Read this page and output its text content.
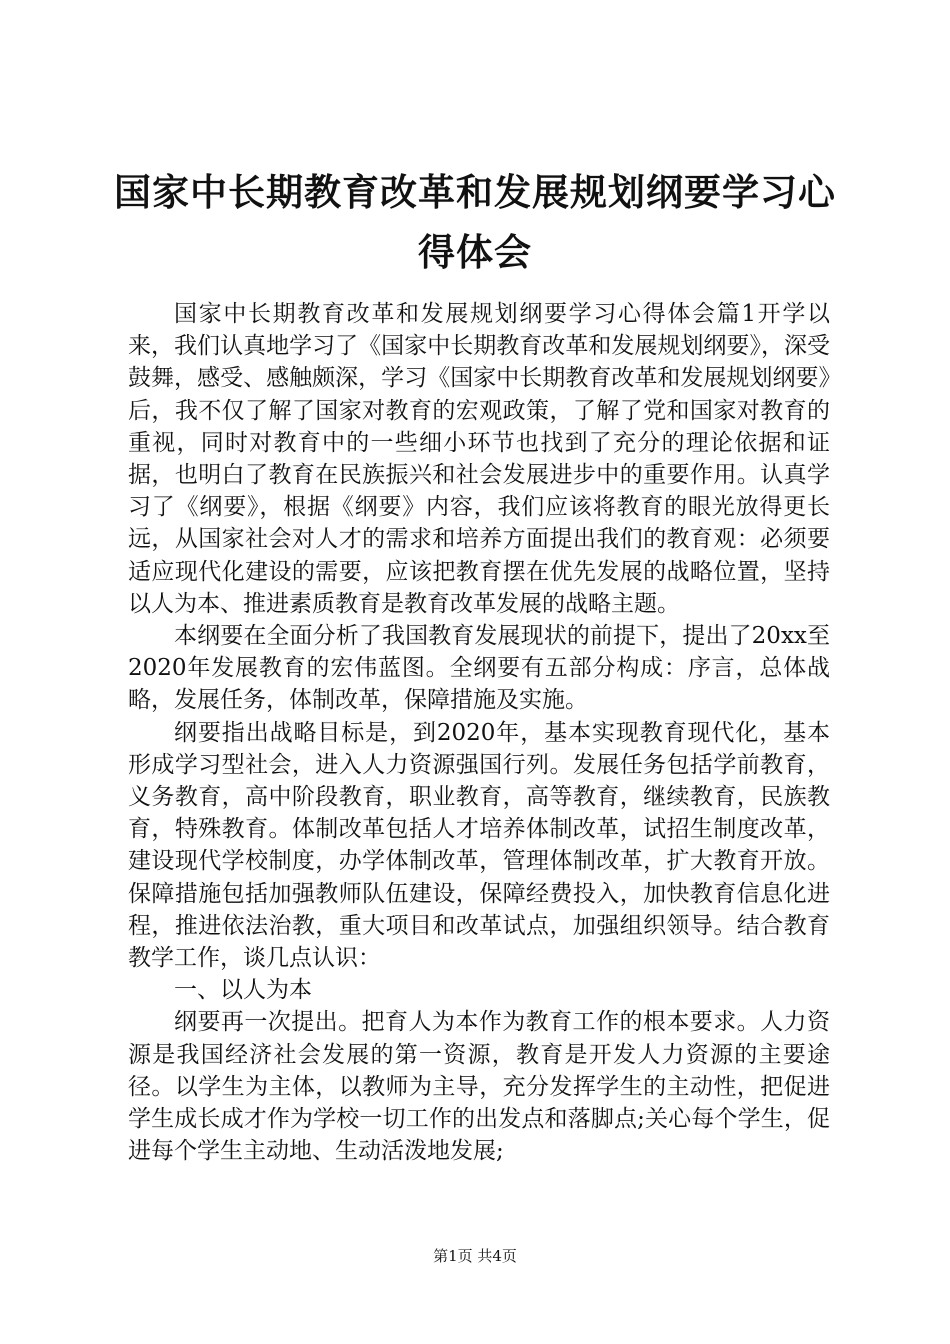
国家中长期教育改革和发展规划纲要学习心得体会

国家中长期教育改革和发展规划纲要学习心得体会篇1开学以来，我们认真地学习了《国家中长期教育改革和发展规划纲要》，深受鼓舞，感受、感触颇深，学习《国家中长期教育改革和发展规划纲要》后，我不仅了解了国家对教育的宏观政策，了解了党和国家对教育的重视，同时对教育中的一些细小环节也找到了充分的理论依据和证据，也明白了教育在民族振兴和社会发展进步中的重要作用。认真学习了《纲要》，根据《纲要》内容，我们应该将教育的眼光放得更长远，从国家社会对人才的需求和培养方面提出我们的教育观：必须要适应现代化建设的需要，应该把教育摆在优先发展的战略位置，坚持以人为本、推进素质教育是教育改革发展的战略主题。

本纲要在全面分析了我国教育发展现状的前提下，提出了20xx至2020年发展教育的宏伟蓝图。全纲要有五部分构成：序言，总体战略，发展任务，体制改革，保障措施及实施。

纲要指出战略目标是，到2020年，基本实现教育现代化，基本形成学习型社会，进入人力资源强国行列。发展任务包括学前教育，义务教育，高中阶段教育，职业教育，高等教育，继续教育，民族教育，特殊教育。体制改革包括人才培养体制改革，试招生制度改革，建设现代学校制度，办学体制改革，管理体制改革，扩大教育开放。保障措施包括加强教师队伍建设，保障经费投入，加快教育信息化进程，推进依法治教，重大项目和改革试点，加强组织领导。结合教育教学工作，谈几点认识：

一、以人为本

纲要再一次提出。把育人为本作为教育工作的根本要求。人力资源是我国经济社会发展的第一资源，教育是开发人力资源的主要途径。以学生为主体，以教师为主导，充分发挥学生的主动性，把促进学生成长成才作为学校一切工作的出发点和落脚点;关心每个学生，促进每个学生主动地、生动活泼地发展;

第1页 共4页
